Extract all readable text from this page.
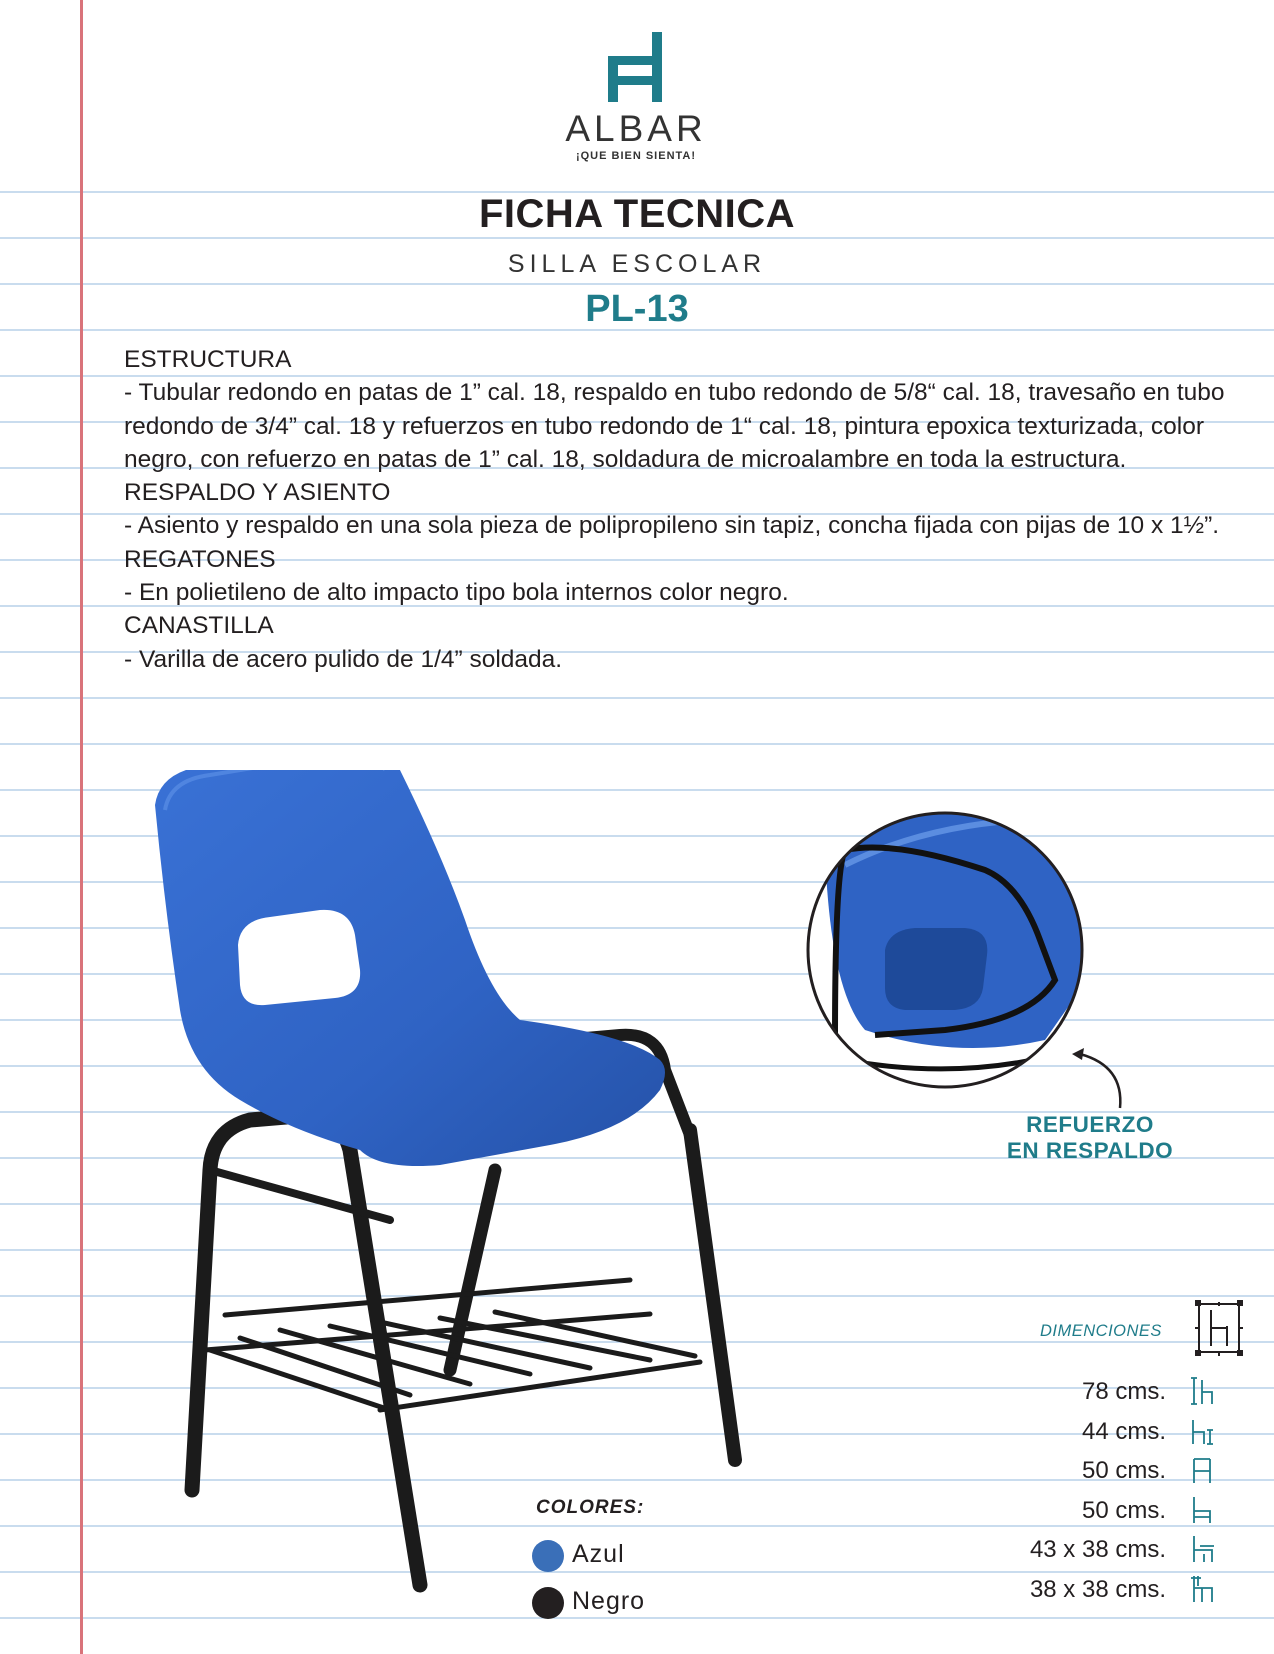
ALBAR
¡QUE BIEN SIENTA!
FICHA TECNICA
SILLA ESCOLAR
PL-13

ESTRUCTURA

- Tubular redondo en patas de 1” cal. 18, respaldo en tubo redondo de 5/8“ cal. 18, travesaño en tubo redondo de 3/4” cal. 18 y refuerzos en tubo redondo de 1“ cal. 18, pintura epoxica texturizada, color negro, con refuerzo en patas de 1” cal. 18, soldadura de microalambre en toda la estructura.

RESPALDO Y ASIENTO

- Asiento y respaldo en una sola pieza de polipropileno sin tapiz, concha fijada con pijas de 10 x 1½”.

REGATONES

- En polietileno de alto impacto tipo bola internos color negro.

CANASTILLA

- Varilla de acero pulido de 1/4” soldada.

REFUERZO
EN RESPALDO
COLORES:
Azul
Negro
DIMENCIONES
78 cms.
44 cms.
50 cms.
50 cms.
43 x 38 cms.
38 x 38 cms.
